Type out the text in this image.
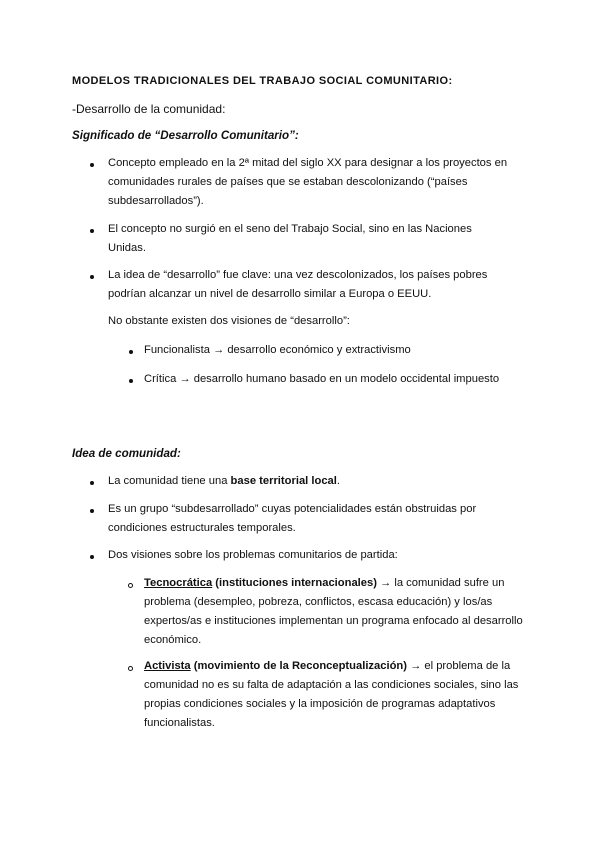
MODELOS TRADICIONALES DEL TRABAJO SOCIAL COMUNITARIO:

-Desarrollo de la comunidad:

Significado de “Desarrollo Comunitario”:

Concepto empleado en la 2ª mitad del siglo XX para designar a los proyectos en comunidades rurales de países que se estaban descolonizando (“países subdesarrollados”).

El concepto no surgió en el seno del Trabajo Social, sino en las Naciones Unidas.

La idea de “desarrollo” fue clave: una vez descolonizados, los países pobres podrían alcanzar un nivel de desarrollo similar a Europa o EEUU.

No obstante existen dos visiones de “desarrollo”:

Funcionalista → desarrollo económico y extractivismo

Crítica → desarrollo humano basado en un modelo occidental impuesto

Idea de comunidad:

La comunidad tiene una base territorial local.

Es un grupo “subdesarrollado” cuyas potencialidades están obstruidas por condiciones estructurales temporales.

Dos visiones sobre los problemas comunitarios de partida:

Tecnocrática (instituciones internacionales) → la comunidad sufre un problema (desempleo, pobreza, conflictos, escasa educación) y los/as expertos/as e instituciones implementan un programa enfocado al desarrollo económico.

Activista (movimiento de la Reconceptualización) → el problema de la comunidad no es su falta de adaptación a las condiciones sociales, sino las propias condiciones sociales y la imposición de programas adaptativos funcionalistas.
